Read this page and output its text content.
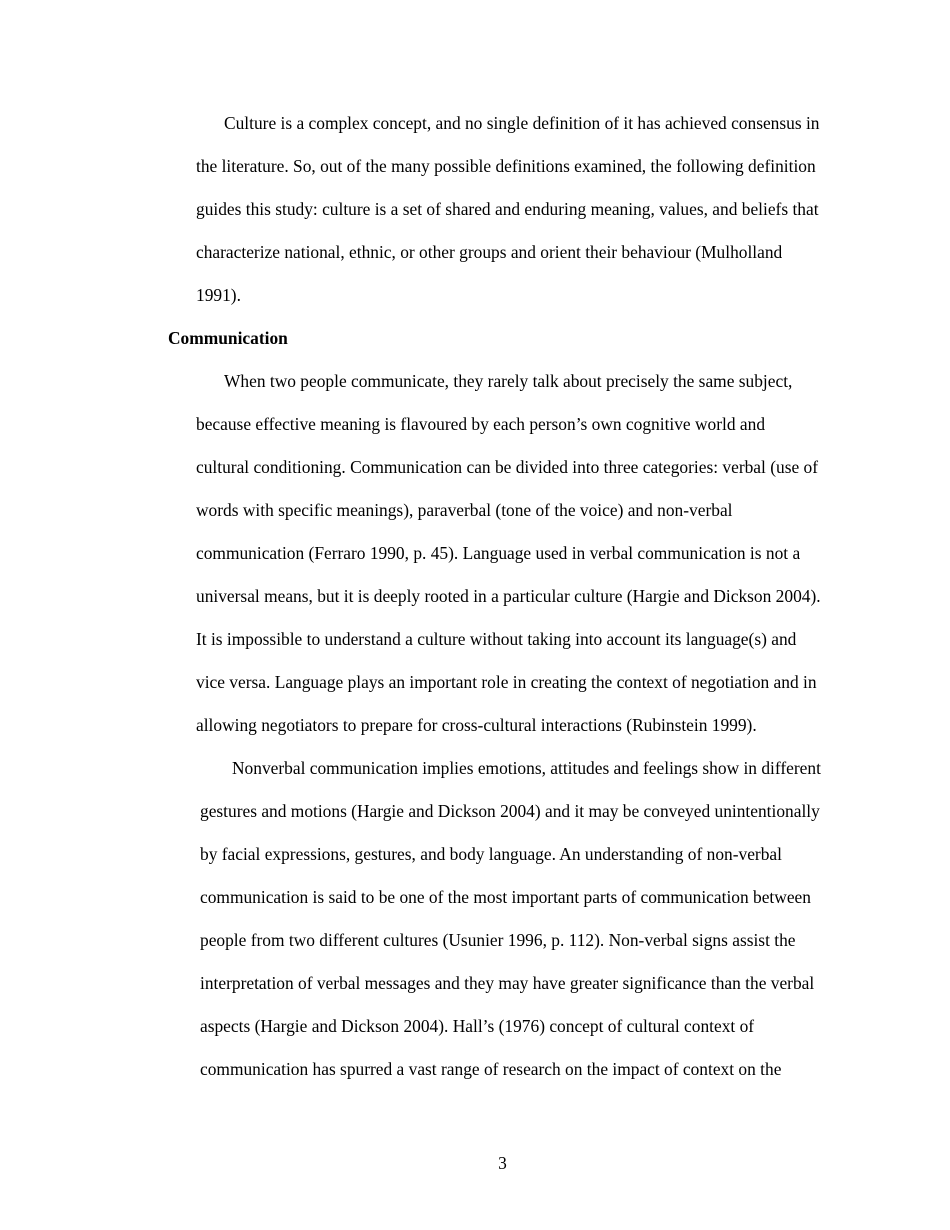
Culture is a complex concept, and no single definition of it has achieved consensus in
the literature. So, out of the many possible definitions examined, the following definition
guides this study: culture is a set of shared and enduring meaning, values, and beliefs that
characterize national, ethnic, or other groups and orient their behaviour (Mulholland
1991).

Communication

When two people communicate, they rarely talk about precisely the same subject,
because effective meaning is flavoured by each person’s own cognitive world and
cultural conditioning. Communication can be divided into three categories: verbal (use of
words with specific meanings), paraverbal (tone of the voice) and non-verbal
communication (Ferraro 1990, p. 45). Language used in verbal communication is not a
universal means, but it is deeply rooted in a particular culture (Hargie and Dickson 2004).
It is impossible to understand a culture without taking into account its language(s) and
vice versa. Language plays an important role in creating the context of negotiation and in
allowing negotiators to prepare for cross-cultural interactions (Rubinstein 1999).

Nonverbal communication implies emotions, attitudes and feelings show in different
gestures and motions (Hargie and Dickson 2004) and it may be conveyed unintentionally
by facial expressions, gestures, and body language. An understanding of non-verbal
communication is said to be one of the most important parts of communication between
people from two different cultures (Usunier 1996, p. 112). Non-verbal signs assist the
interpretation of verbal messages and they may have greater significance than the verbal
aspects (Hargie and Dickson 2004). Hall’s (1976) concept of cultural context of
communication has spurred a vast range of research on the impact of context on the

3
